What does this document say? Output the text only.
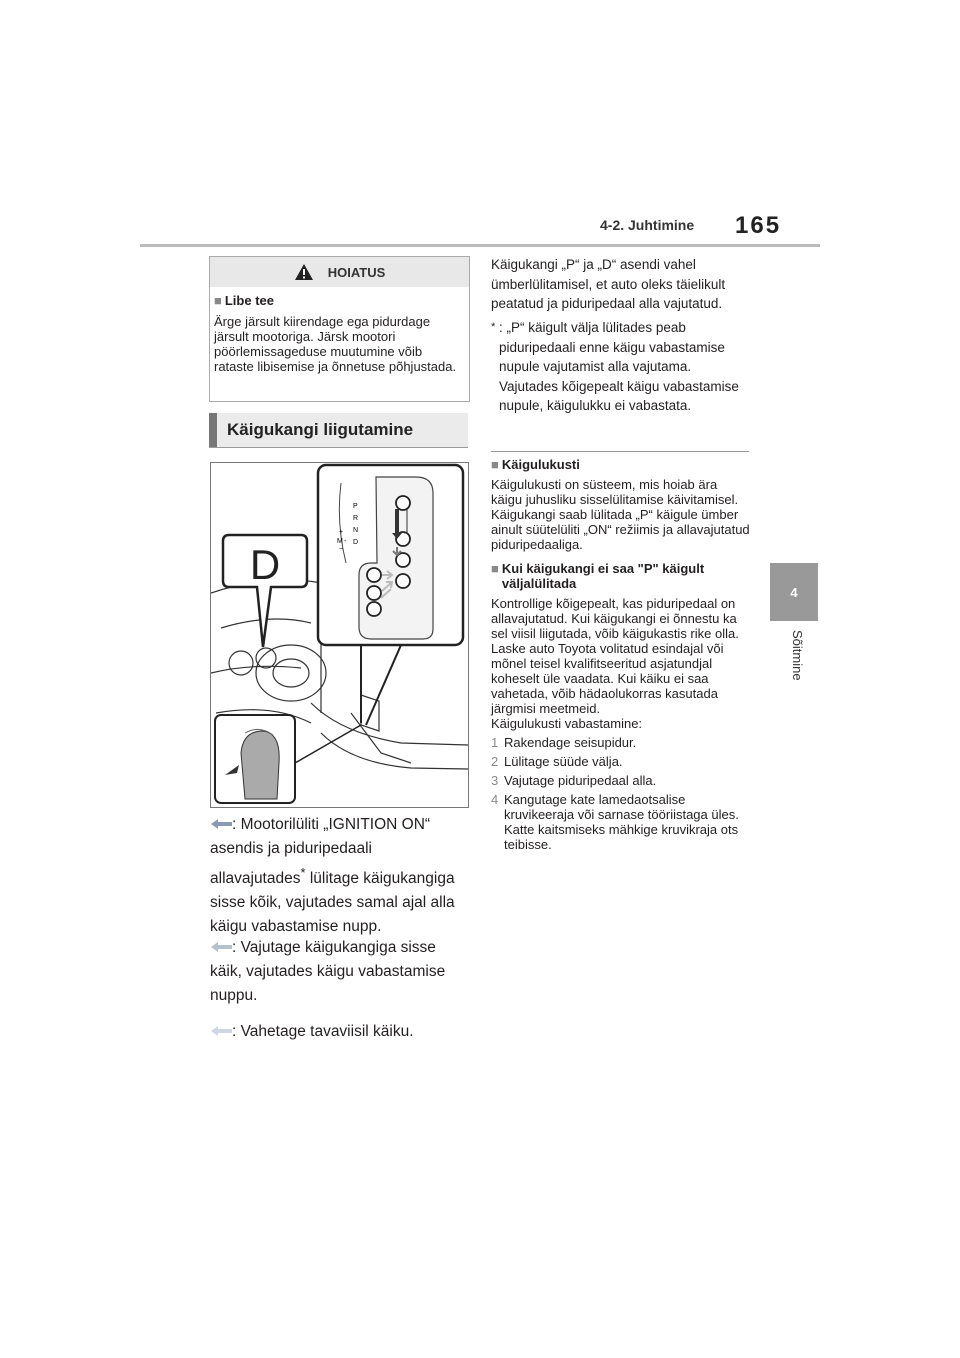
4-2. Juhtimine 165
4
Sõitmine
HOIATUS
■ Libe tee
Ärge järsult kiirendage ega pidurdage järsult mootoriga. Järsk mootori pöörlemissageduse muutumine võib rataste libisemise ja õnnetuse põhjustada.
Käigukangi liigutamine
D
P
R
N
D
+
M -
−
: Mootorilüliti „IGNITION ON“ asendis ja piduripedaali allavajutades* lülitage käigukangiga sisse kõik, vajutades samal ajal alla käigu vabastamise nupp.
: Vajutage käigukangiga sisse käik, vajutades käigu vabastamise nuppu.
: Vahetage tavaviisil käiku.
Käigukangi „P“ ja „D“ asendi vahel ümberlülitamisel, et auto oleks täielikult peatatud ja piduripedaal alla vajutatud.
* : „P“ käigult välja lülitades peab piduripedaali enne käigu vabastamise nupule vajutamist alla vajutama. Vajutades kõigepealt käigu vabastamise nupule, käigulukku ei vabastata.
■ Käigulukusti
Käigulukusti on süsteem, mis hoiab ära käigu juhusliku sisselülitamise käivitamisel. Käigukangi saab lülitada „P“ käigule ümber ainult süütelüliti „ON“ režiimis ja allavajutatud piduripedaaliga.
■ Kui käigukangi ei saa "P" käigult väljalülitada
Kontrollige kõigepealt, kas piduripedaal on allavajutatud. Kui käigukangi ei õnnestu ka sel viisil liigutada, võib käigukastis rike olla. Laske auto Toyota volitatud esindajal või mõnel teisel kvalifitseeritud asjatundjal koheselt üle vaadata. Kui käiku ei saa vahetada, võib hädaolukorras kasutada järgmisi meetmeid.
Käigulukusti vabastamine:
1 Rakendage seisupidur.
2 Lülitage süüde välja.
3 Vajutage piduripedaal alla.
4 Kangutage kate lamedaotsalise kruvikeeraja või sarnase tööriistaga üles. Katte kaitsmiseks mähkige kruvikraja ots teibisse.
